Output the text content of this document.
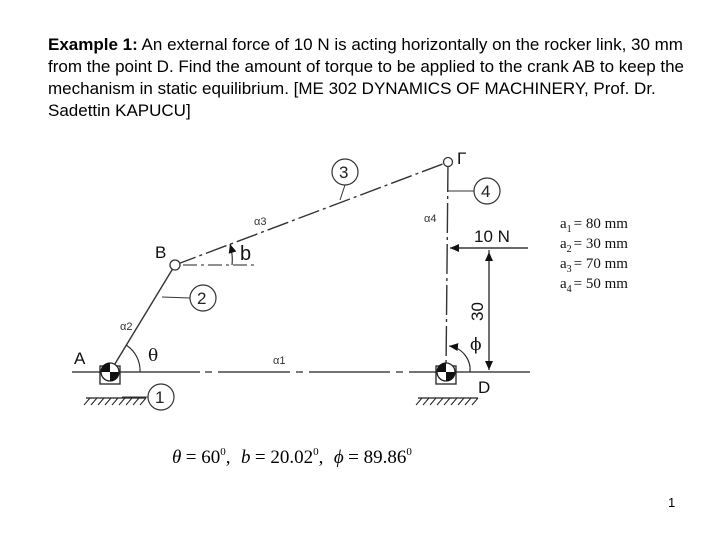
Example 1: An external force of 10 N is acting horizontally on the rocker link, 30 mm from the point D. Find the amount of torque to be applied to the crank AB to keep the mechanism in static equilibrium. [ME 302 DYNAMICS OF MACHINERY, Prof. Dr. Sadettin KAPUCU]

A
B
Γ
D
α2
α3	α4
α1
1
2
3
4
10 N
30
θ
b
ϕ
$a_1 = 80$ mm
$a_2 = 30$ mm
$a_3 = 70$ mm
$a_4 = 50$ mm
$\theta = 60^0$, $b = 20.02^0$, $\phi = 89.86^0$
1
